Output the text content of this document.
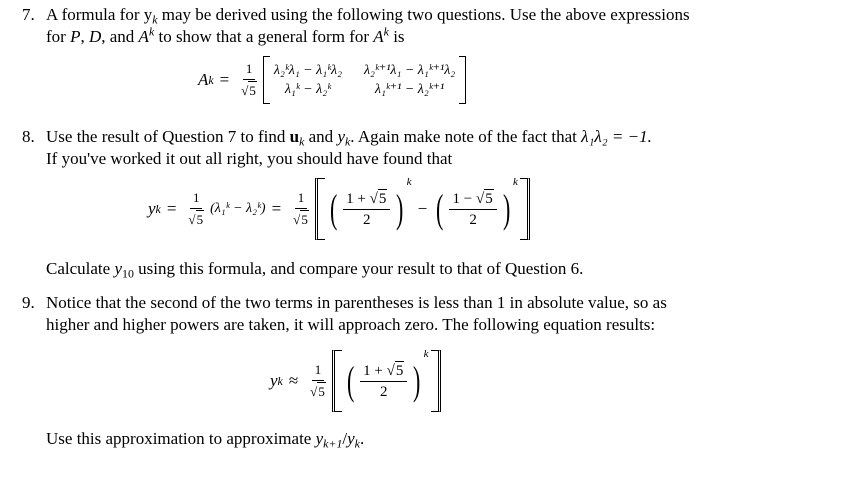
7. A formula for $y_k$ may be derived using the following two questions. Use the above expressions
for P, D, and $A^k$ to show that a general form for $A^k$ is
A $k = \frac{1}{√ 5}$ λ₂ᵏλ₁ − λ₁ᵏλ₂ λ₂ᵏ⁺¹λ₁ − λ₁ᵏ⁺¹λ₂
λ₁ᵏ − λ₂ᵏ	λ₁ᵏ⁺¹ − λ₂ᵏ⁺¹
8. Use the result of Question 7 to find $u_k$ and $y_k$. Again make note of the fact that λ₁λ₂ = −1.
If you've worked it out all right, you should have found that
y $k = \frac{1}{√ 5}$ (λ₁ᵏ − λ₂ᵏ) = $\frac{1}{√ 5}$ ( $\frac{1 + √ 5}{2}$ )
k
− ( $\frac{1 - √ 5}{2}$ )
k
Calculate $y_{10}$ using this formula, and compare your result to that of Question 6.
9. Notice that the second of the two terms in parentheses is less than 1 in absolute value, so as
higher and higher powers are taken, it will approach zero. The following equation results:
y $k \approx \frac{1}{√ 5}$ ( $\frac{1 + √ 5}{2}$ )
k
Use this approximation to approximate $y_{k+1}/y_k$.
